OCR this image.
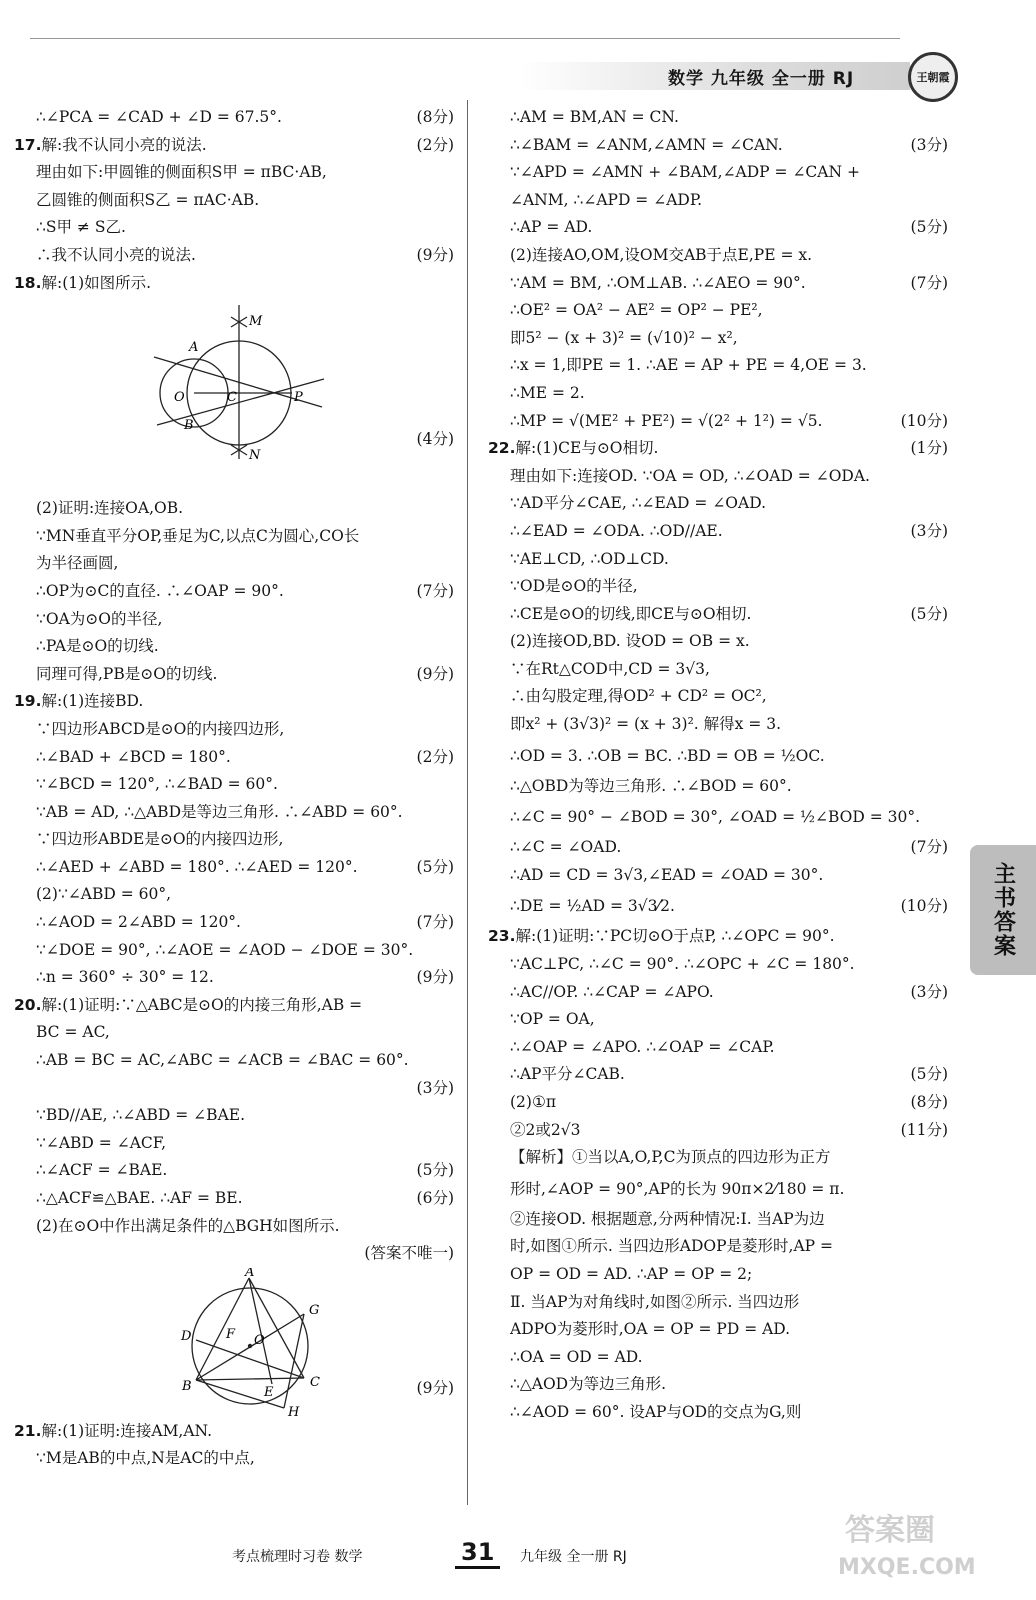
数学 九年级 全一册 RJ	王朝霞
∴∠PCA = ∠CAD + ∠D = 67.5°.	(8分)
17.解:我不认同小亮的说法.	(2分)
理由如下:甲圆锥的侧面积S甲 = πBC·AB,
乙圆锥的侧面积S乙 = πAC·AB.
∴S甲 ≠ S乙.
∴我不认同小亮的说法.	(9分)
18.解:(1)如图所示.
M
A
O	C	P
B
N
(4分)
(2)证明:连接OA,OB.
∵MN垂直平分OP,垂足为C,以点C为圆心,CO长
为半径画圆,
∴OP为⊙C的直径. ∴∠OAP = 90°.	(7分)
∵OA为⊙O的半径,
∴PA是⊙O的切线.
同理可得,PB是⊙O的切线.	(9分)
19.解:(1)连接BD.
∵四边形ABCD是⊙O的内接四边形,
∴∠BAD + ∠BCD = 180°.	(2分)
∵∠BCD = 120°, ∴∠BAD = 60°.
∵AB = AD, ∴△ABD是等边三角形. ∴∠ABD = 60°.
∵四边形ABDE是⊙O的内接四边形,
∴∠AED + ∠ABD = 180°. ∴∠AED = 120°.	(5分)
(2)∵∠ABD = 60°,
∴∠AOD = 2∠ABD = 120°.	(7分)
∵∠DOE = 90°, ∴∠AOE = ∠AOD − ∠DOE = 30°.
∴n = 360° ÷ 30° = 12.	(9分)
20.解:(1)证明:∵△ABC是⊙O的内接三角形,AB =
BC = AC,
∴AB = BC = AC,∠ABC = ∠ACB = ∠BAC = 60°.
(3分)
∵BD//AE, ∴∠ABD = ∠BAE.
∵∠ABD = ∠ACF,
∴∠ACF = ∠BAE.	(5分)
∴△ACF≌△BAE. ∴AF = BE.	(6分)
(2)在⊙O中作出满足条件的△BGH如图所示.
(答案不唯一)
A
G
D	F O
C
B	E
H
(9分)
21.解:(1)证明:连接AM,AN.
∵M是AB的中点,N是AC的中点,
∴AM = BM,AN = CN.
∴∠BAM = ∠ANM,∠AMN = ∠CAN.	(3分)
∵∠APD = ∠AMN + ∠BAM,∠ADP = ∠CAN +
∠ANM, ∴∠APD = ∠ADP.
∴AP = AD.	(5分)
(2)连接AO,OM,设OM交AB于点E,PE = x.
∵AM = BM, ∴OM⊥AB. ∴∠AEO = 90°.	(7分)
∴OE² = OA² − AE² = OP² − PE²,
即5² − (x + 3)² = (√10)² − x²,
∴x = 1,即PE = 1. ∴AE = AP + PE = 4,OE = 3.
∴ME = 2.
∴MP = √(ME² + PE²) = √(2² + 1²) = √5.	(10分)
22.解:(1)CE与⊙O相切.	(1分)
理由如下:连接OD. ∵OA = OD, ∴∠OAD = ∠ODA.
∵AD平分∠CAE, ∴∠EAD = ∠OAD.
∴∠EAD = ∠ODA. ∴OD//AE.	(3分)
∵AE⊥CD, ∴OD⊥CD.
∵OD是⊙O的半径,
∴CE是⊙O的切线,即CE与⊙O相切.	(5分)
(2)连接OD,BD. 设OD = OB = x.
∵在Rt△COD中,CD = 3√3,
∴由勾股定理,得OD² + CD² = OC²,
即x² + (3√3)² = (x + 3)². 解得x = 3.
∴OD = 3. ∴OB = BC. ∴BD = OB = ½OC.
∴△OBD为等边三角形. ∴∠BOD = 60°.
∴∠C = 90° − ∠BOD = 30°, ∠OAD = ½∠BOD = 30°.
∴∠C = ∠OAD.	(7分)
∴AD = CD = 3√3,∠EAD = ∠OAD = 30°.
∴DE = ½AD = 3√3⁄2.	(10分)
23.解:(1)证明:∵PC切⊙O于点P, ∴∠OPC = 90°.
∵AC⊥PC, ∴∠C = 90°. ∴∠OPC + ∠C = 180°.
∴AC//OP. ∴∠CAP = ∠APO.	(3分)
∵OP = OA,
∴∠OAP = ∠APO. ∴∠OAP = ∠CAP.
∴AP平分∠CAB.	(5分)
(2)①π	(8分)
②2或2√3	(11分)
【解析】①当以A,O,P,C为顶点的四边形为正方
形时,∠AOP = 90°,AP的长为 90π×2⁄180 = π.
②连接OD. 根据题意,分两种情况:Ⅰ. 当AP为边
时,如图①所示. 当四边形ADOP是菱形时,AP =
OP = OD = AD. ∴AP = OP = 2;
Ⅱ. 当AP为对角线时,如图②所示. 当四边形
ADPO为菱形时,OA = OP = PD = AD.
∴OA = OD = AD.
∴△AOD为等边三角形.
∴∠AOD = 60°. 设AP与OD的交点为G,则
主书答案
考点梳理时习卷 数学	31	九年级 全一册 RJ
答案圈
MXQE.COM
